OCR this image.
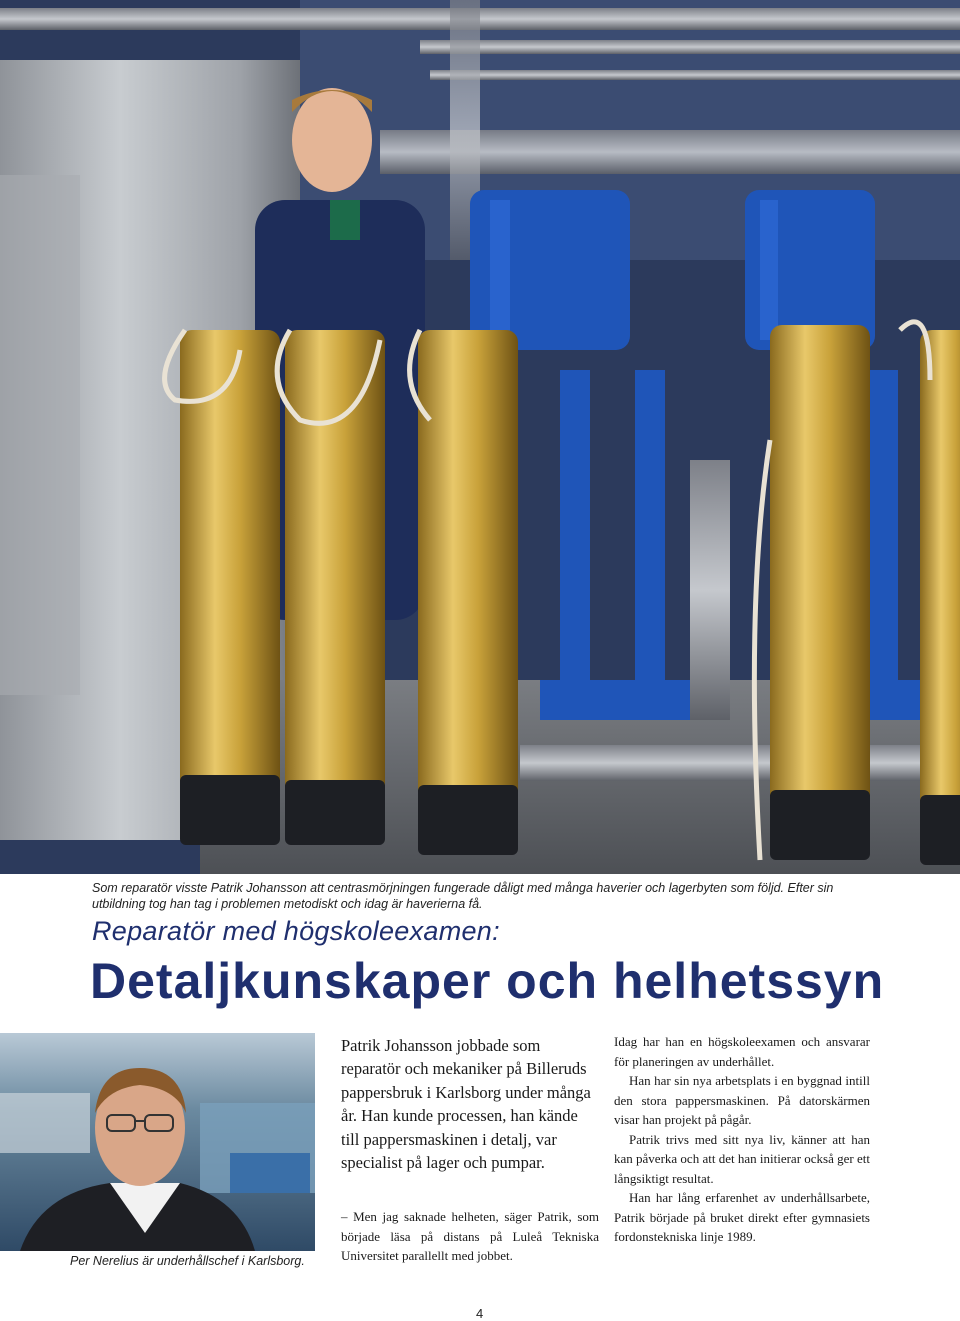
Som reparatör visste Patrik Johansson att centrasmörjningen fungerade dåligt med många haverier och lagerbyten som följd. Efter sin utbildning tog han tag i problemen metodiskt och idag är haverierna få.
Reparatör med högskoleexamen:
Detaljkunskaper och helhetssyn
Per Nerelius är underhållschef i Karlsborg.

Patrik Johansson jobbade som reparatör och mekaniker på Billeruds pappersbruk i Karlsborg under många år. Han kunde processen, han kände till pappersmaskinen i detalj, var specialist på lager och pumpar.

– Men jag saknade helheten, säger Patrik, som började läsa på distans på Luleå Tekniska Universitet parallellt med jobbet.

Idag har han en högskoleexamen och ansvarar för planeringen av underhållet.

Han har sin nya arbetsplats i en byggnad intill den stora pappersmaskinen. På datorskärmen visar han projekt på pågår.

Patrik trivs med sitt nya liv, känner att han kan påverka och att det han initierar också ger ett långsiktigt resultat.

Han har lång erfarenhet av underhållsarbete, Patrik började på bruket direkt efter gymnasiets fordonstekniska linje 1989.

4
